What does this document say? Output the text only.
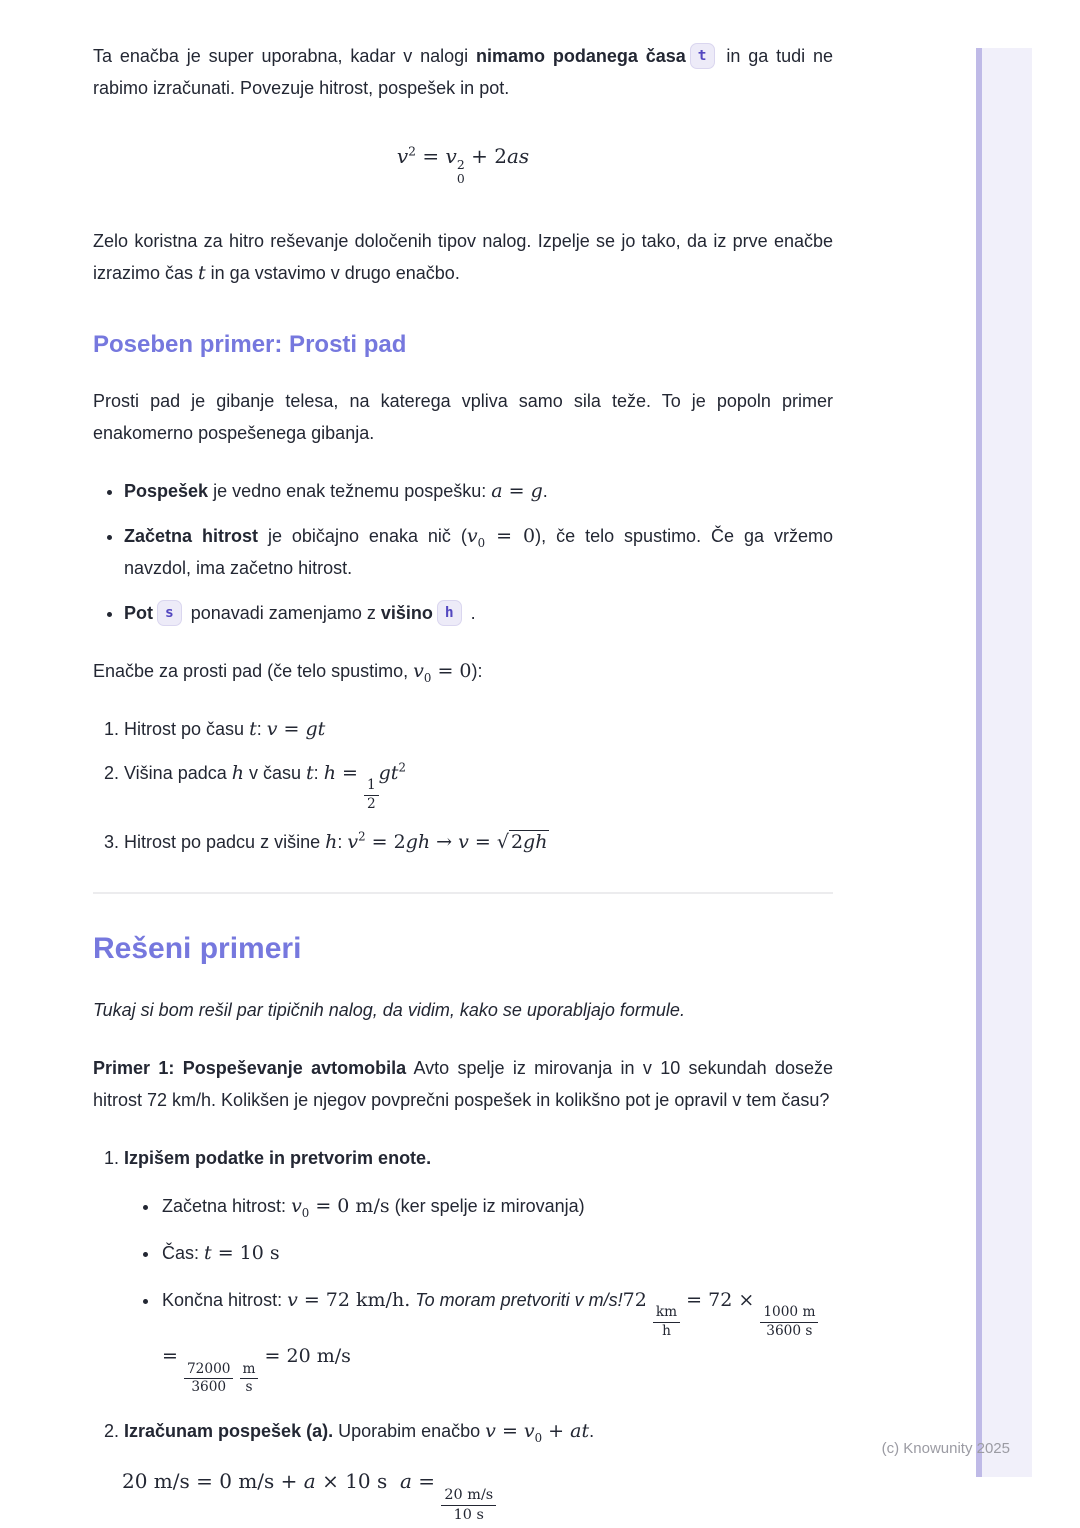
Ta enačba je super uporabna, kadar v nalogi nimamo podanega časa t in ga tudi ne rabimo izračunati. Povezuje hitrost, pospešek in pot.

$v^2 = v$ 2
0
+ 2as

Zelo koristna za hitro reševanje določenih tipov nalog. Izpelje se jo tako, da iz prve enačbe izrazimo čas t in ga vstavimo v drugo enačbo.

Poseben primer: Prosti pad

Prosti pad je gibanje telesa, na katerega vpliva samo sila teže. To je popoln primer enakomerno pospešenega gibanja.

• Pospešek je vedno enak težnemu pospešku: a = g.
• Začetna hitrost je običajno enaka nič $(v_0 = 0)$, če telo spustimo. Če ga vržemo navzdol, ima začetno hitrost.
• Pot s ponavadi zamenjamo z višino h .

Enačbe za prosti pad (če telo spustimo, $v_0 = 0$):

1. Hitrost po času t: v = gt
2. Višina padca h v času t: h =
$\frac{1}{2}$
$gt^2$
3. Hitrost po padcu z višine h: $v^2 = 2gh \to v$ = √ 2gh
Rešeni primeri

Tukaj si bom rešil par tipičnih nalog, da vidim, kako se uporabljajo formule.

Primer 1: Pospeševanje avtomobila Avto spelje iz mirovanja in v 10 sekundah doseže hitrost 72 km/h. Kolikšen je njegov povprečni pospešek in kolikšno pot je opravil v tem času?

1. Izpišem podatke in pretvorim enote.
• Začetna hitrost: $v_0 = 0$ m/s (ker spelje iz mirovanja)
• Čas: t = 10 s
• Končna hitrost: v = 72 km/h. To moram pretvoriti v m/s!72
$\frac{km}{h}$
= 72 ×
$\frac{1000 m}{3600 s}$
=
$\frac{72000}{3600}$
$\frac{m}{s}$
= 20 m/s
2. Izračunam pospešek (a). Uporabim enačbo $v = v_0$ + at.
20 m/s = 0 m/s + a × 10 s  a =
$\frac{20 m/s}{10 s}$
(c) Knowunity 2025
